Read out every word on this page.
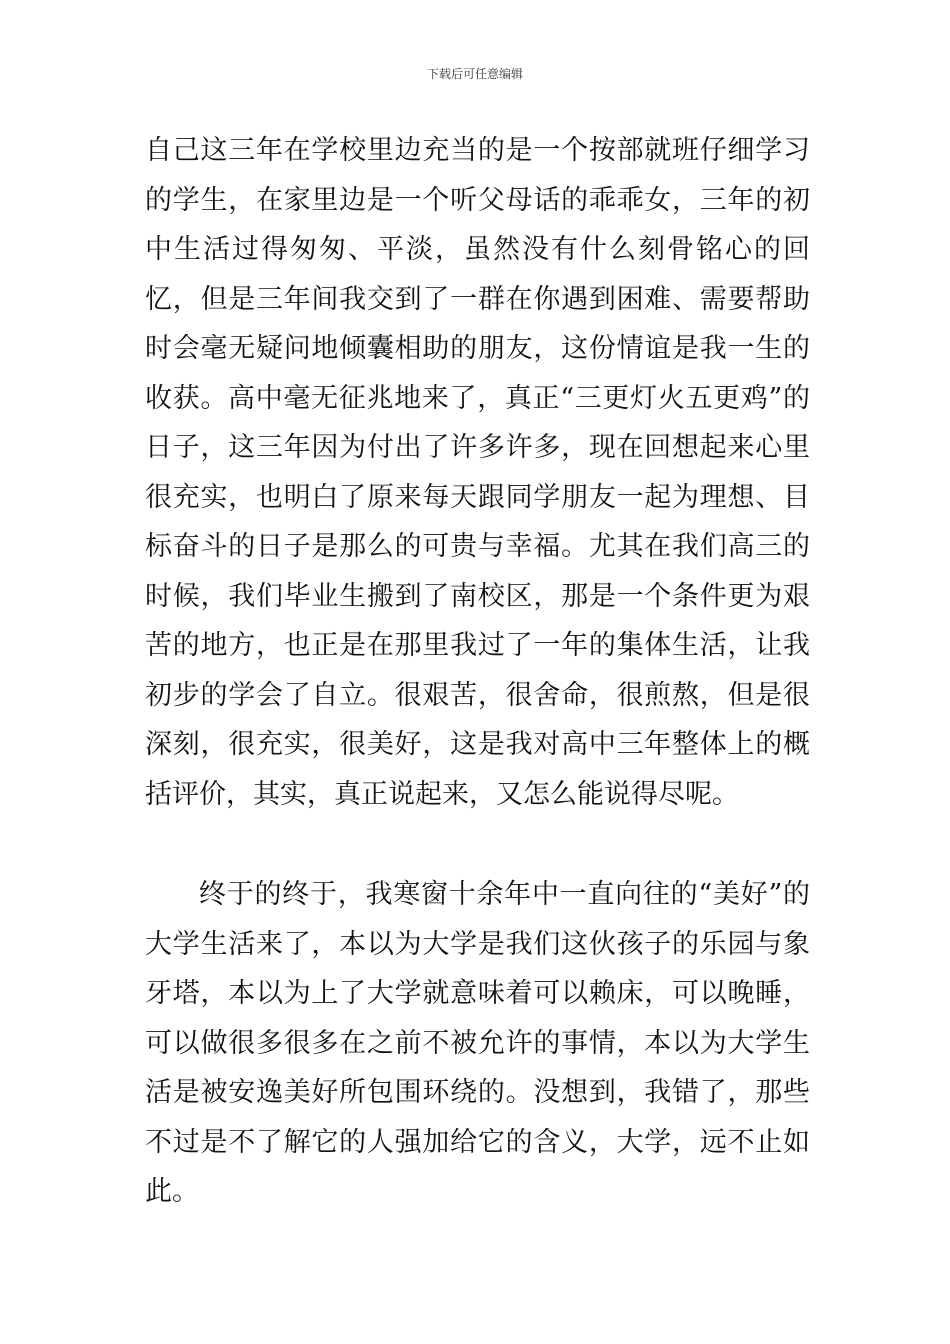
下载后可任意编辑

自己这三年在学校里边充当的是一个按部就班仔细学习的学生，在家里边是一个听父母话的乖乖女，三年的初中生活过得匆匆、平淡，虽然没有什么刻骨铭心的回忆，但是三年间我交到了一群在你遇到困难、需要帮助时会毫无疑问地倾囊相助的朋友，这份情谊是我一生的收获。高中毫无征兆地来了，真正“三更灯火五更鸡”的日子，这三年因为付出了许多许多，现在回想起来心里很充实，也明白了原来每天跟同学朋友一起为理想、目标奋斗的日子是那么的可贵与幸福。尤其在我们高三的时候，我们毕业生搬到了南校区，那是一个条件更为艰苦的地方，也正是在那里我过了一年的集体生活，让我初步的学会了自立。很艰苦，很舍命，很煎熬，但是很深刻，很充实，很美好，这是我对高中三年整体上的概括评价，其实，真正说起来，又怎么能说得尽呢。

终于的终于，我寒窗十余年中一直向往的“美好”的大学生活来了，本以为大学是我们这伙孩子的乐园与象牙塔，本以为上了大学就意味着可以赖床，可以晚睡，可以做很多很多在之前不被允许的事情，本以为大学生活是被安逸美好所包围环绕的。没想到，我错了，那些不过是不了解它的人强加给它的含义，大学，远不止如此。
